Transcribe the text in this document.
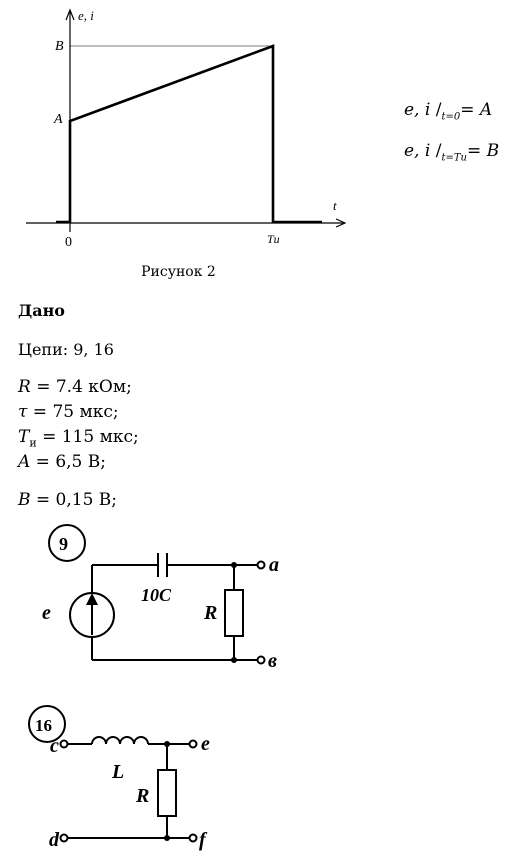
e, i
t
B
A
0	Tи
Рисунок 2
e, i $/_{t=0}= A$
e, i $/_{t=Tи}= B$
Дано
Цепи: 9, 16
R = 7.4 кОм;
τ = 75 мкс;
$T_и = 115$ мкс;
A = 6,5 В;
B = 0,15 В;
9
e
10C
R
a
в
16
c
L
R
e
d	f
